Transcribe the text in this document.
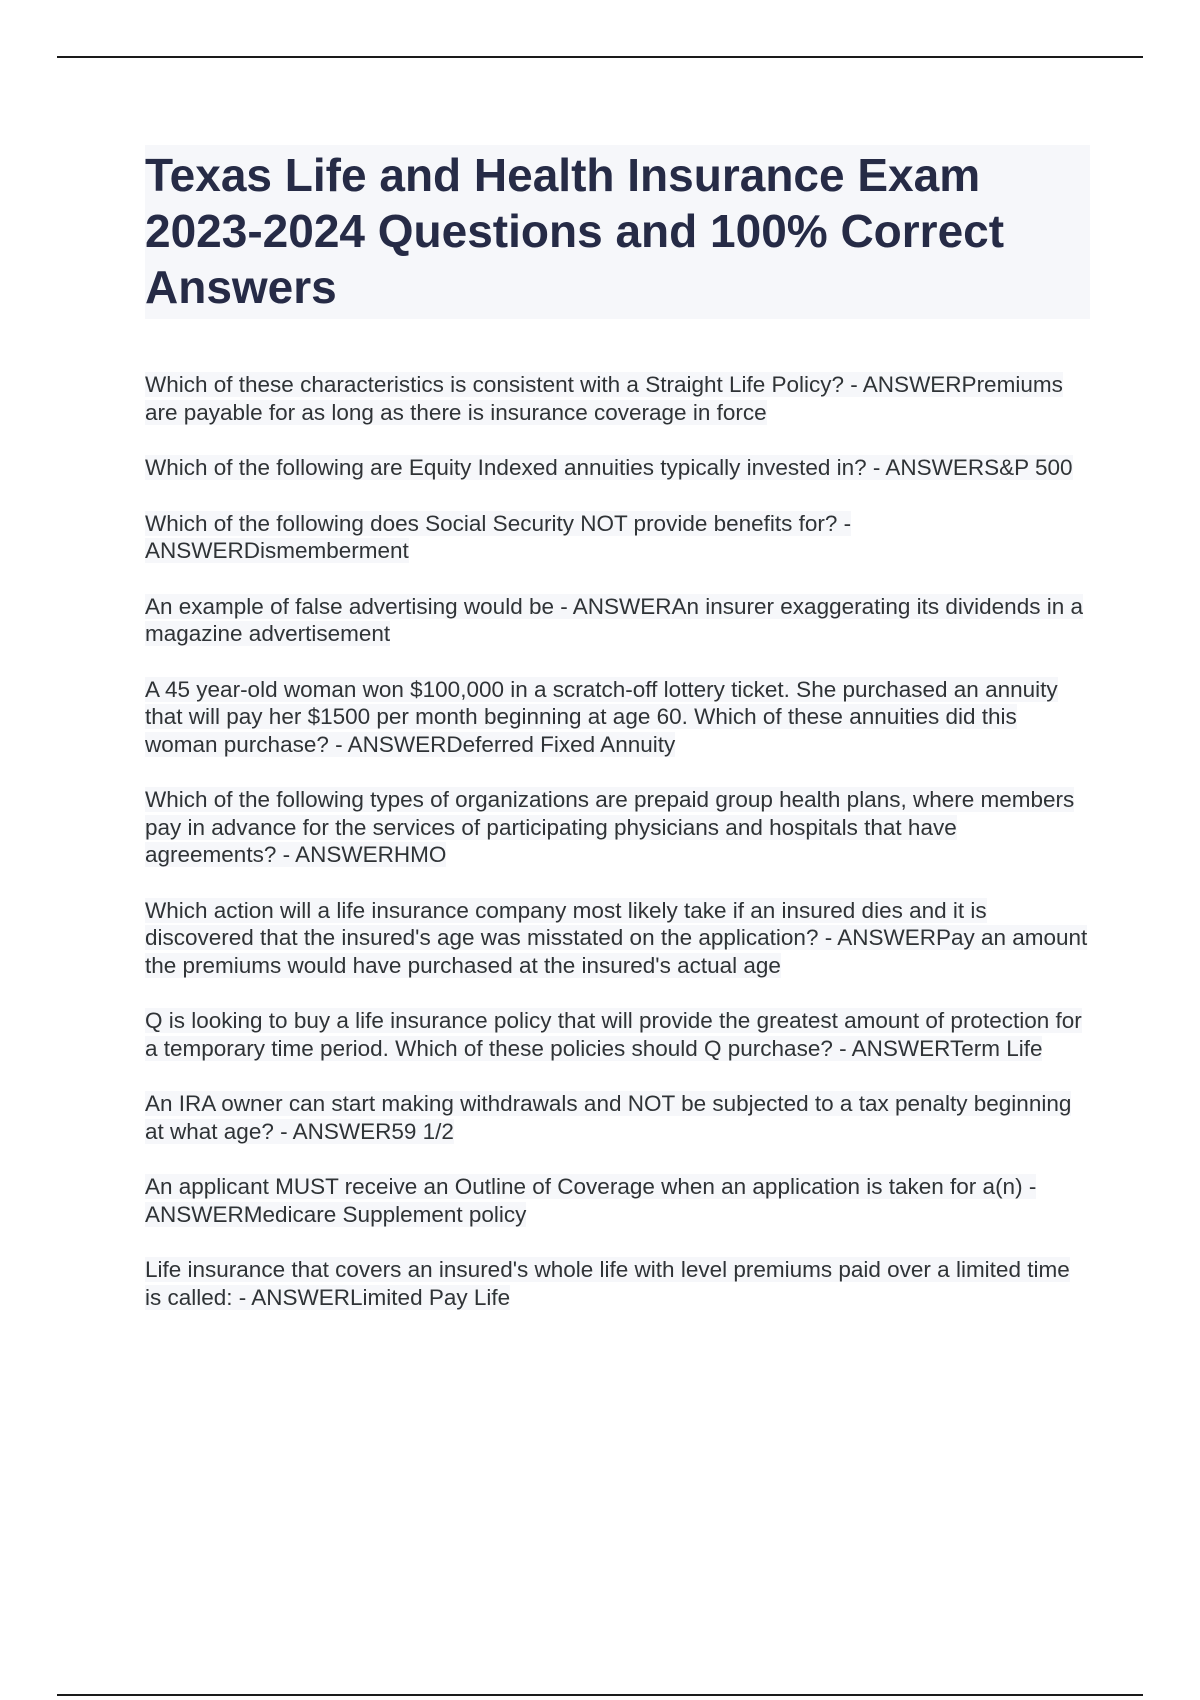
Texas Life and Health Insurance Exam 2023-2024 Questions and 100% Correct Answers

Which of these characteristics is consistent with a Straight Life Policy? - ANSWERPremiums are payable for as long as there is insurance coverage in force

Which of the following are Equity Indexed annuities typically invested in? - ANSWERS&P 500

Which of the following does Social Security NOT provide benefits for? - ANSWERDismemberment

An example of false advertising would be - ANSWERAn insurer exaggerating its dividends in a magazine advertisement

A 45 year-old woman won $100,000 in a scratch-off lottery ticket. She purchased an annuity that will pay her $1500 per month beginning at age 60. Which of these annuities did this woman purchase? - ANSWERDeferred Fixed Annuity

Which of the following types of organizations are prepaid group health plans, where members pay in advance for the services of participating physicians and hospitals that have agreements? - ANSWERHMO

Which action will a life insurance company most likely take if an insured dies and it is discovered that the insured's age was misstated on the application? - ANSWERPay an amount the premiums would have purchased at the insured's actual age

Q is looking to buy a life insurance policy that will provide the greatest amount of protection for a temporary time period. Which of these policies should Q purchase? - ANSWERTerm Life

An IRA owner can start making withdrawals and NOT be subjected to a tax penalty beginning at what age? - ANSWER59 1/2

An applicant MUST receive an Outline of Coverage when an application is taken for a(n) - ANSWERMedicare Supplement policy

Life insurance that covers an insured's whole life with level premiums paid over a limited time is called: - ANSWERLimited Pay Life
